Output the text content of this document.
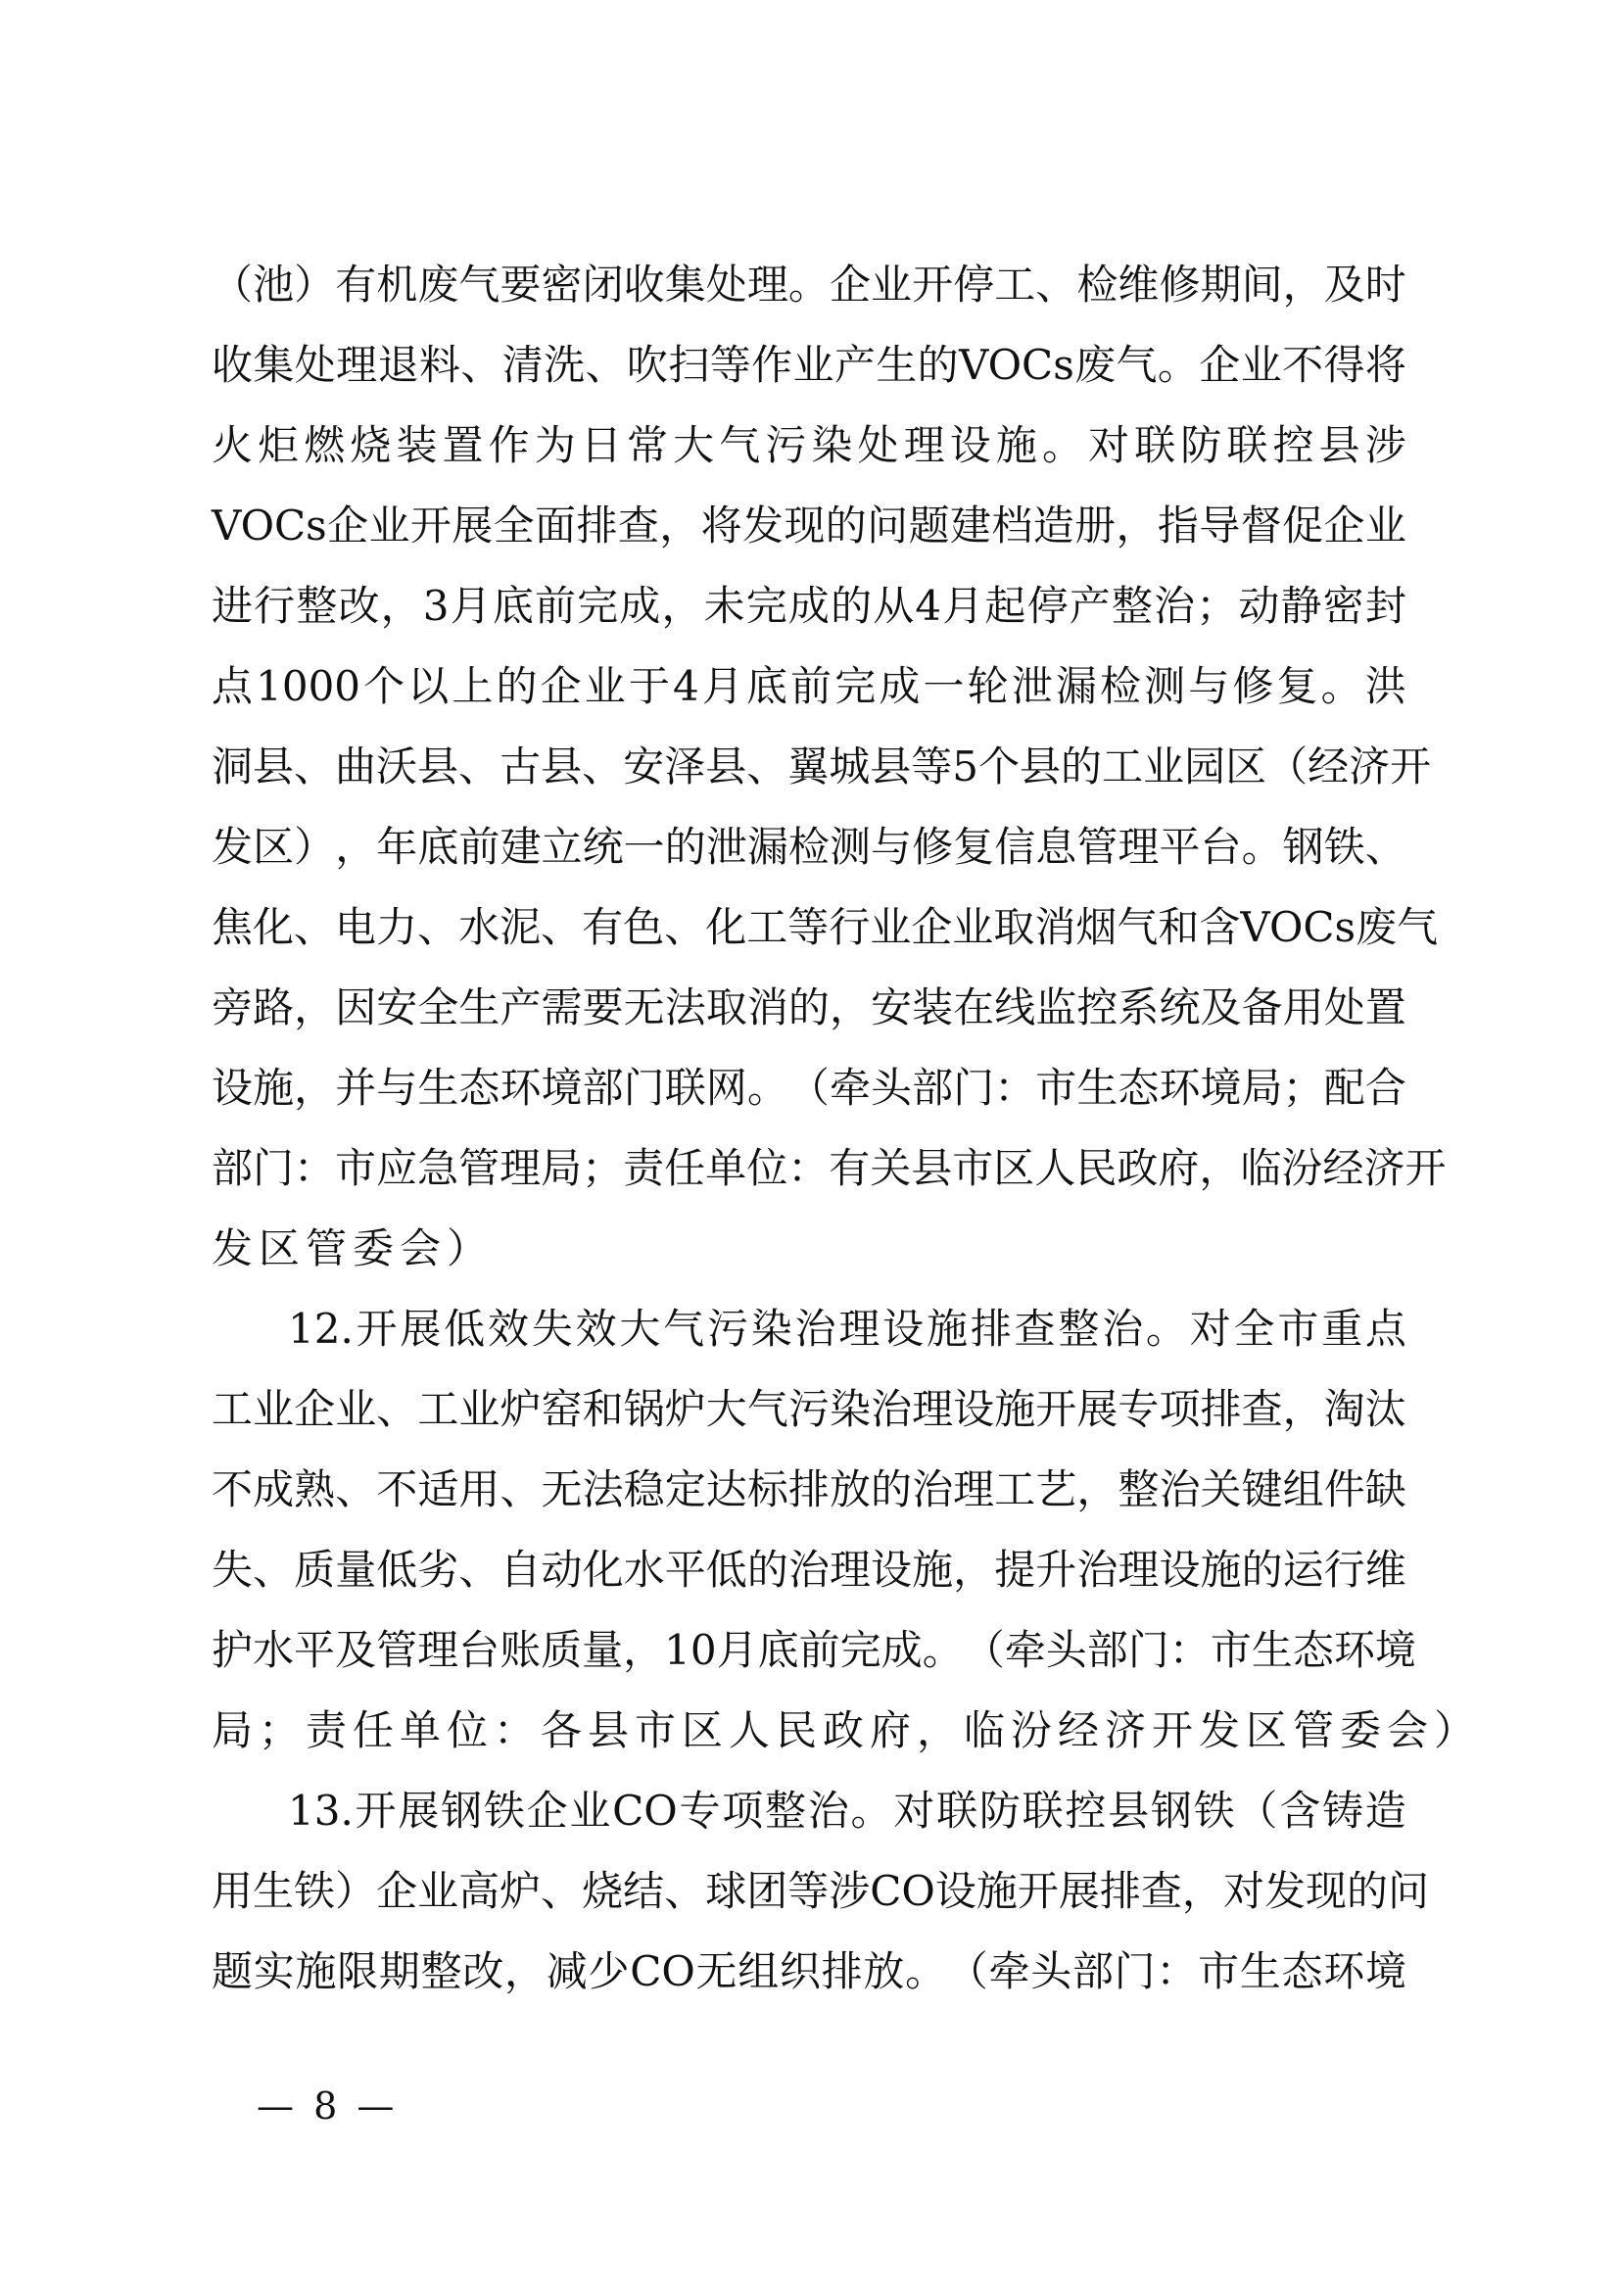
（ 池 ） 有 机 废 气 要 密 闭 收 集 处 理 。 企 业 开 停 工 、 检 维 修 期 间 ， 及 时
收 集 处 理 退 料 、 清 洗 、 吹 扫 等 作 业 产 生 的 VOCs 废 气 。 企 业 不 得 将
火 炬 燃 烧 装 置 作 为 日 常 大 气 污 染 处 理 设 施 。 对 联 防 联 控 县 涉
VOCs 企 业 开 展 全 面 排 查 ， 将 发 现 的 问 题 建 档 造 册 ， 指 导 督 促 企 业
进 行 整 改 ， 3 月 底 前 完 成 ， 未 完 成 的 从 4 月 起 停 产 整 治 ； 动 静 密 封
点 1000 个 以 上 的 企 业 于 4 月 底 前 完 成 一 轮 泄 漏 检 测 与 修 复 。 洪
洞 县 、 曲 沃 县 、 古 县 、 安 泽 县 、 翼 城 县 等 5 个 县 的 工 业 园 区 （ 经 济 开
发 区 ） ， 年 底 前 建 立 统 一 的 泄 漏 检 测 与 修 复 信 息 管 理 平 台 。 钢 铁 、
焦 化 、 电 力 、 水 泥 、 有 色 、 化 工 等 行 业 企 业 取 消 烟 气 和 含 VOCs 废 气
旁 路 ， 因 安 全 生 产 需 要 无 法 取 消 的 ， 安 装 在 线 监 控 系 统 及 备 用 处 置
设 施 ， 并 与 生 态 环 境 部 门 联 网 。 （ 牵 头 部 门 ： 市 生 态 环 境 局 ； 配 合
部 门 ： 市 应 急 管 理 局 ； 责 任 单 位 ： 有 关 县 市 区 人 民 政 府 ， 临 汾 经 济 开
发区管委会）
12. 开 展 低 效 失 效 大 气 污 染 治 理 设 施 排 查 整 治 。 对 全 市 重 点
工 业 企 业 、 工 业 炉 窑 和 锅 炉 大 气 污 染 治 理 设 施 开 展 专 项 排 查 ， 淘 汰
不 成 熟 、 不 适 用 、 无 法 稳 定 达 标 排 放 的 治 理 工 艺 ， 整 治 关 键 组 件 缺
失 、 质 量 低 劣 、 自 动 化 水 平 低 的 治 理 设 施 ， 提 升 治 理 设 施 的 运 行 维
护 水 平 及 管 理 台 账 质 量 ， 10 月 底 前 完 成 。 （ 牵 头 部 门 ： 市 生 态 环 境
局；责任单位：各县市区人民政府，临汾经济开发区管委会）
13. 开 展 钢 铁 企 业 CO 专 项 整 治 。 对 联 防 联 控 县 钢 铁 （ 含 铸 造
用 生 铁 ） 企 业 高 炉 、 烧 结 、 球 团 等 涉 CO 设 施 开 展 排 查 ， 对 发 现 的 问
题 实 施 限 期 整 改 ， 减 少 CO 无 组 织 排 放 。 （ 牵 头 部 门 ： 市 生 态 环 境
— 8 —
